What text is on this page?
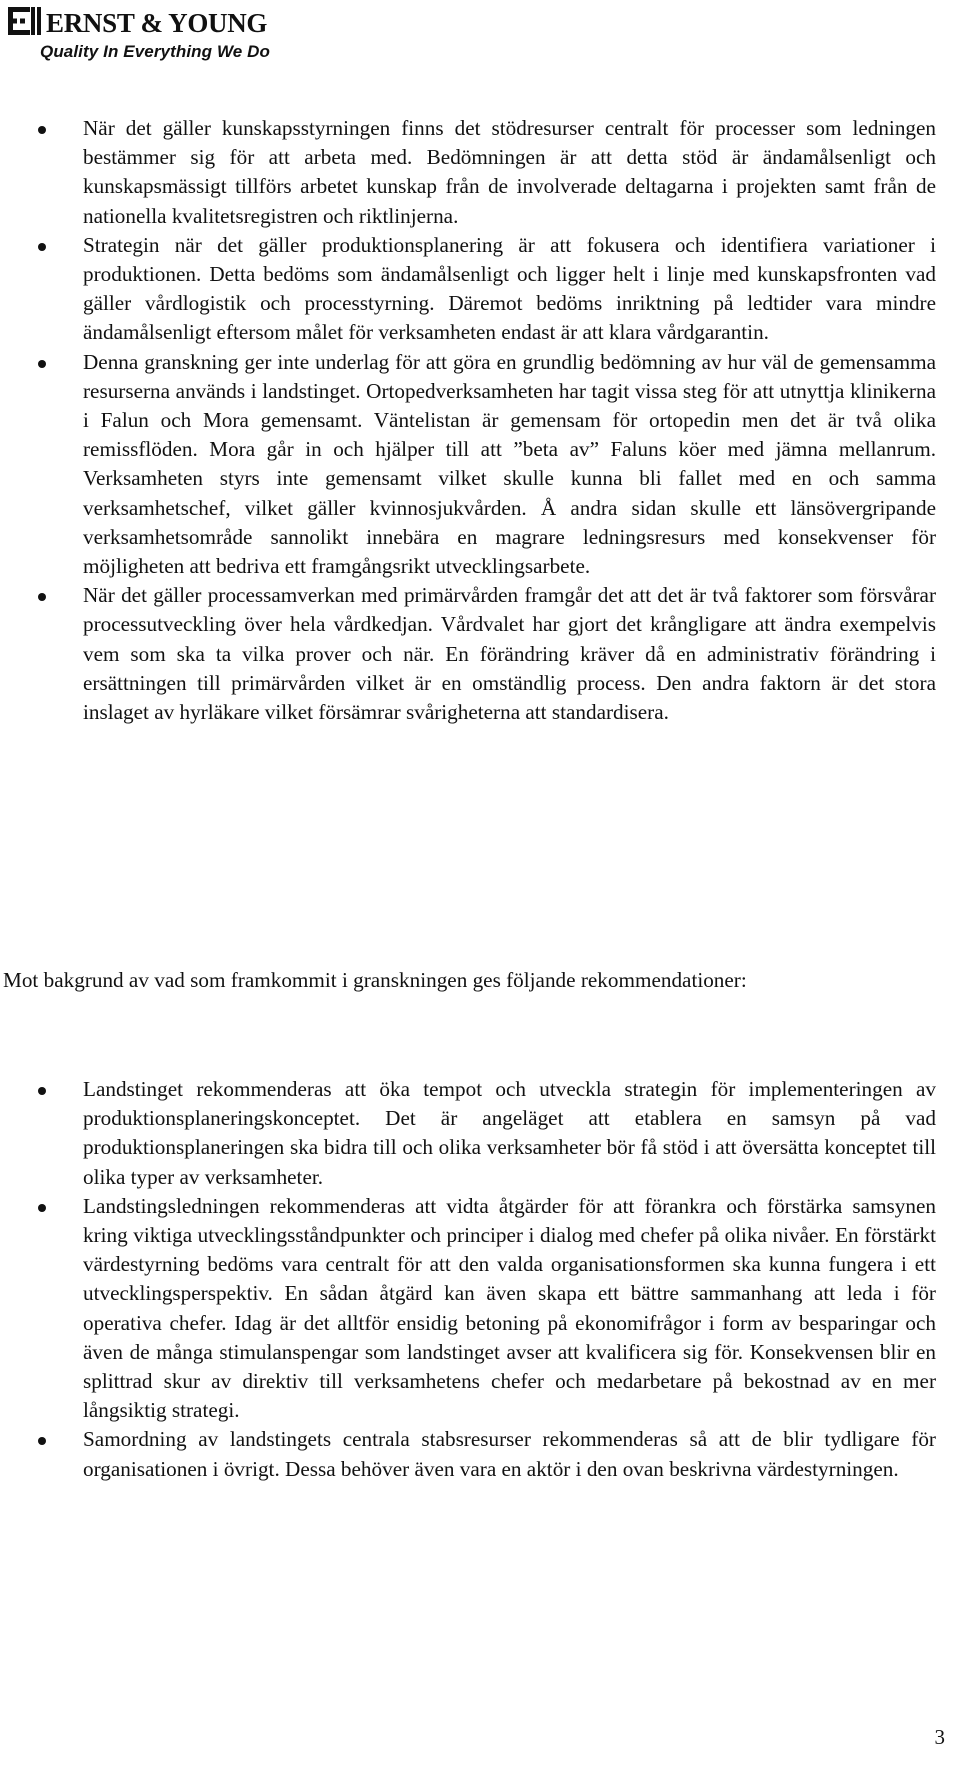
ERNST & YOUNG
Quality In Everything We Do
När det gäller kunskapsstyrningen finns det stödresurser centralt för processer som ledningen bestämmer sig för att arbeta med. Bedömningen är att detta stöd är ändamålsenligt och kunskapsmässigt tillförs arbetet kunskap från de involverade deltagarna i projekten samt från de nationella kvalitetsregistren och riktlinjerna.
Strategin när det gäller produktionsplanering är att fokusera och identifiera variationer i produktionen. Detta bedöms som ändamålsenligt och ligger helt i linje med kunskapsfronten vad gäller vårdlogistik och processtyrning. Däremot bedöms inriktning på ledtider vara mindre ändamålsenligt eftersom målet för verksamheten endast är att klara vårdgarantin.
Denna granskning ger inte underlag för att göra en grundlig bedömning av hur väl de gemensamma resurserna används i landstinget. Ortopedverksamheten har tagit vissa steg för att utnyttja klinikerna i Falun och Mora gemensamt. Väntelistan är gemensam för ortopedin men det är två olika remissflöden. Mora går in och hjälper till att ”beta av” Faluns köer med jämna mellanrum. Verksamheten styrs inte gemensamt vilket skulle kunna bli fallet med en och samma verksamhetschef, vilket gäller kvinnosjukvården. Å andra sidan skulle ett länsövergripande verksamhetsområde sannolikt innebära en magrare ledningsresurs med konsekvenser för möjligheten att bedriva ett framgångsrikt utvecklingsarbete.
När det gäller processamverkan med primärvården framgår det att det är två faktorer som försvårar processutveckling över hela vårdkedjan. Vårdvalet har gjort det krångligare att ändra exempelvis vem som ska ta vilka prover och när. En förändring kräver då en administrativ förändring i ersättningen till primärvården vilket är en omständlig process. Den andra faktorn är det stora inslaget av hyrläkare vilket försämrar svårigheterna att standardisera.

Mot bakgrund av vad som framkommit i granskningen ges följande rekommendationer:

Landstinget rekommenderas att öka tempot och utveckla strategin för implementeringen av produktionsplaneringskonceptet. Det är angeläget att etablera en samsyn på vad produktionsplaneringen ska bidra till och olika verksamheter bör få stöd i att översätta konceptet till olika typer av verksamheter.
Landstingsledningen rekommenderas att vidta åtgärder för att förankra och förstärka samsynen kring viktiga utvecklingsståndpunkter och principer i dialog med chefer på olika nivåer. En förstärkt värdestyrning bedöms vara centralt för att den valda organisationsformen ska kunna fungera i ett utvecklingsperspektiv. En sådan åtgärd kan även skapa ett bättre sammanhang att leda i för operativa chefer. Idag är det alltför ensidig betoning på ekonomifrågor i form av besparingar och även de många stimulanspengar som landstinget avser att kvalificera sig för. Konsekvensen blir en splittrad skur av direktiv till verksamhetens chefer och medarbetare på bekostnad av en mer långsiktig strategi.
Samordning av landstingets centrala stabsresurser rekommenderas så att de blir tydligare för organisationen i övrigt. Dessa behöver även vara en aktör i den ovan beskrivna värdestyrningen.
3
